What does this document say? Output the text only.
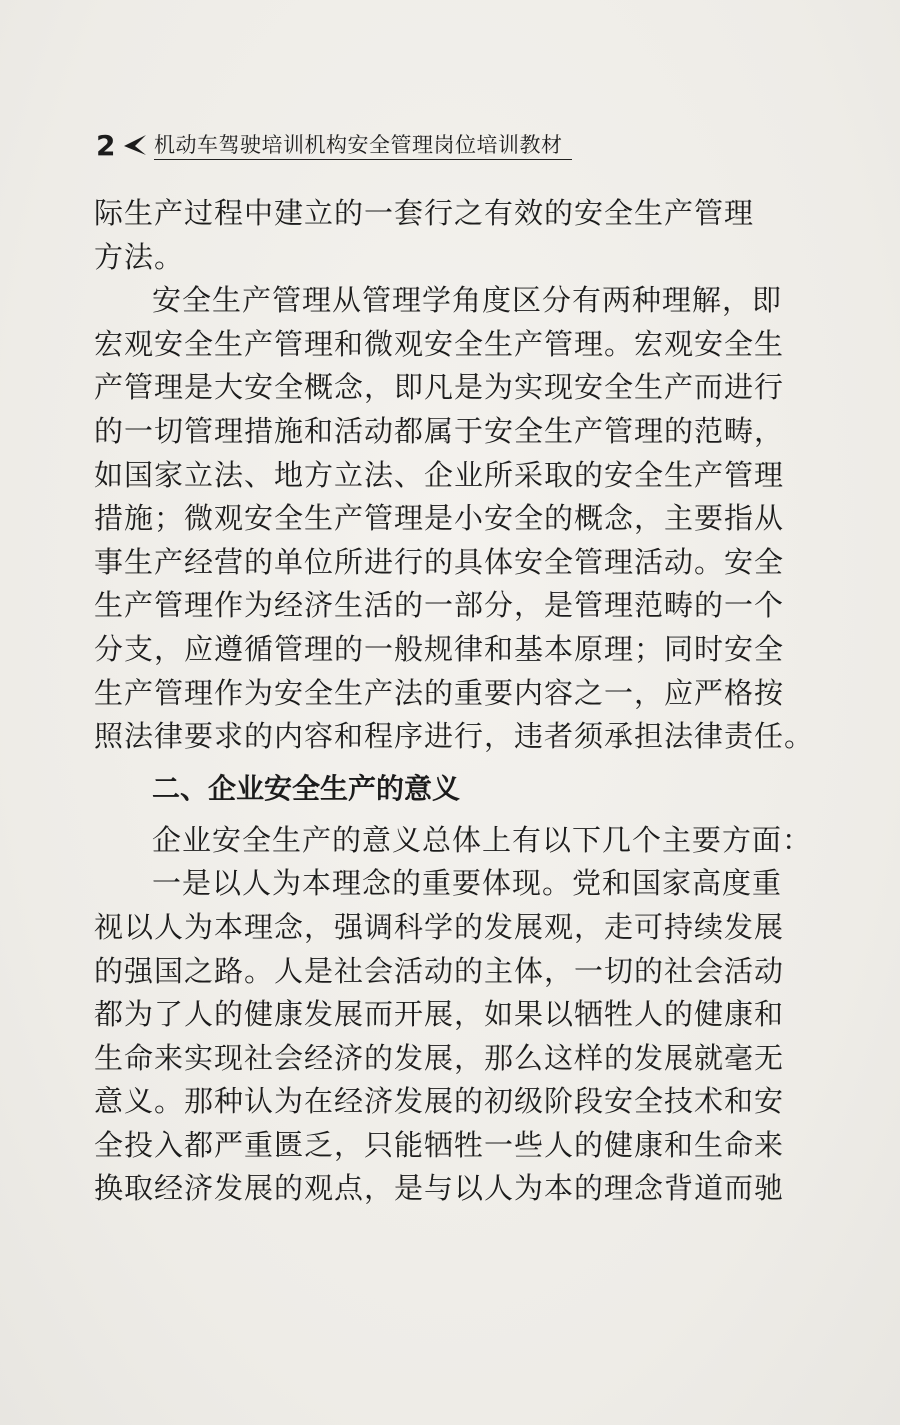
2 机动车驾驶培训机构安全管理岗位培训教材
际生产过程中建立的一套行之有效的安全生产管理
方法。
安全生产管理从管理学角度区分有两种理解，即
宏观安全生产管理和微观安全生产管理。宏观安全生
产管理是大安全概念，即凡是为实现安全生产而进行
的一切管理措施和活动都属于安全生产管理的范畴，
如国家立法、地方立法、企业所采取的安全生产管理
措施；微观安全生产管理是小安全的概念，主要指从
事生产经营的单位所进行的具体安全管理活动。安全
生产管理作为经济生活的一部分，是管理范畴的一个
分支，应遵循管理的一般规律和基本原理；同时安全
生产管理作为安全生产法的重要内容之一，应严格按
照法律要求的内容和程序进行，违者须承担法律责任。
二、企业安全生产的意义
企业安全生产的意义总体上有以下几个主要方面：
一是以人为本理念的重要体现。党和国家高度重
视以人为本理念，强调科学的发展观，走可持续发展
的强国之路。人是社会活动的主体，一切的社会活动
都为了人的健康发展而开展，如果以牺牲人的健康和
生命来实现社会经济的发展，那么这样的发展就毫无
意义。那种认为在经济发展的初级阶段安全技术和安
全投入都严重匮乏，只能牺牲一些人的健康和生命来
换取经济发展的观点，是与以人为本的理念背道而驰
